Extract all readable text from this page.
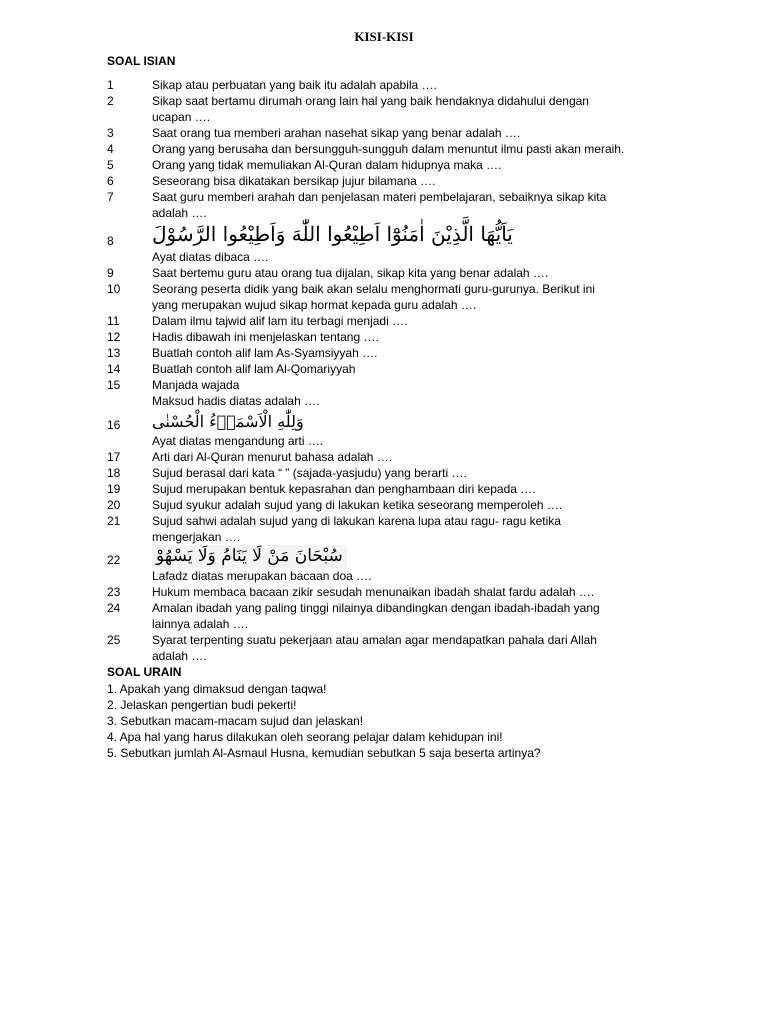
KISI-KISI
SOAL ISIAN
1	Sikap atau perbuatan yang baik itu adalah apabila ….
2	Sikap saat bertamu dirumah orang lain hal yang baik hendaknya didahului dengan
ucapan ….
3	Saat orang tua memberi arahan nasehat sikap yang benar adalah ….
4	Orang yang berusaha dan bersungguh-sungguh dalam menuntut ilmu pasti akan meraih.
5	Orang yang tidak memuliakan Al-Quran dalam hidupnya maka ….
6	Seseorang bisa dikatakan bersikap jujur bilamana ….
7	Saat guru memberi arahah dan penjelasan materi pembelajaran, sebaiknya sikap kita
adalah ….
8	يَاَيُّهَا الَّذِيْنَ اٰمَنُوْٓا اَطِيْعُوا اللّٰهَ وَاَطِيْعُوا الرَّسُوْلَ
Ayat diatas dibaca ….
9	Saat bertemu guru atau orang tua dijalan, sikap kita yang benar adalah ….
10	Seorang peserta didik yang baik akan selalu menghormati guru-gurunya. Berikut ini
yang merupakan wujud sikap hormat kepada guru adalah ….
11	Dalam ilmu tajwid alif lam itu terbagi menjadi ….
12	Hadis dibawah ini menjelaskan tentang ….
13	Buatlah contoh alif lam As-Syamsiyyah ….
14	Buatlah contoh alif lam Al-Qomariyyah
15	Manjada wajada
Maksud hadis diatas adalah ….
16	وَلِلّٰهِ الْاَسْمَاۤءُ الْحُسْنٰى
Ayat diatas mengandung arti ….
17	Arti dari Al-Quran menurut bahasa adalah ….
18	Sujud berasal dari kata “ ” (sajada-yasjudu) yang berarti ….
19	Sujud merupakan bentuk kepasrahan dan penghambaan diri kepada ….
20	Sujud syukur adalah sujud yang di lakukan ketika seseorang memperoleh ….
21	Sujud sahwi adalah sujud yang di lakukan karena lupa atau ragu- ragu ketika
mengerjakan ….
22	سُبْحَانَ مَنْ لَا يَنَامُ وَلَا يَسْهُوْ
Lafadz diatas merupakan bacaan doa ….
23	Hukum membaca bacaan zikir sesudah menunaikan ibadah shalat fardu adalah ….
24	Amalan ibadah yang paling tinggi nilainya dibandingkan dengan ibadah-ibadah yang
lainnya adalah ….
25	Syarat terpenting suatu pekerjaan atau amalan agar mendapatkan pahala dari Allah
adalah ….
SOAL URAIN
1. Apakah yang dimaksud dengan taqwa!
2. Jelaskan pengertian budi pekerti!
3. Sebutkan macam-macam sujud dan jelaskan!
4. Apa hal yang harus dilakukan oleh seorang pelajar dalam kehidupan ini!
5. Sebutkan jumlah Al-Asmaul Husna, kemudian sebutkan 5 saja beserta artinya?
